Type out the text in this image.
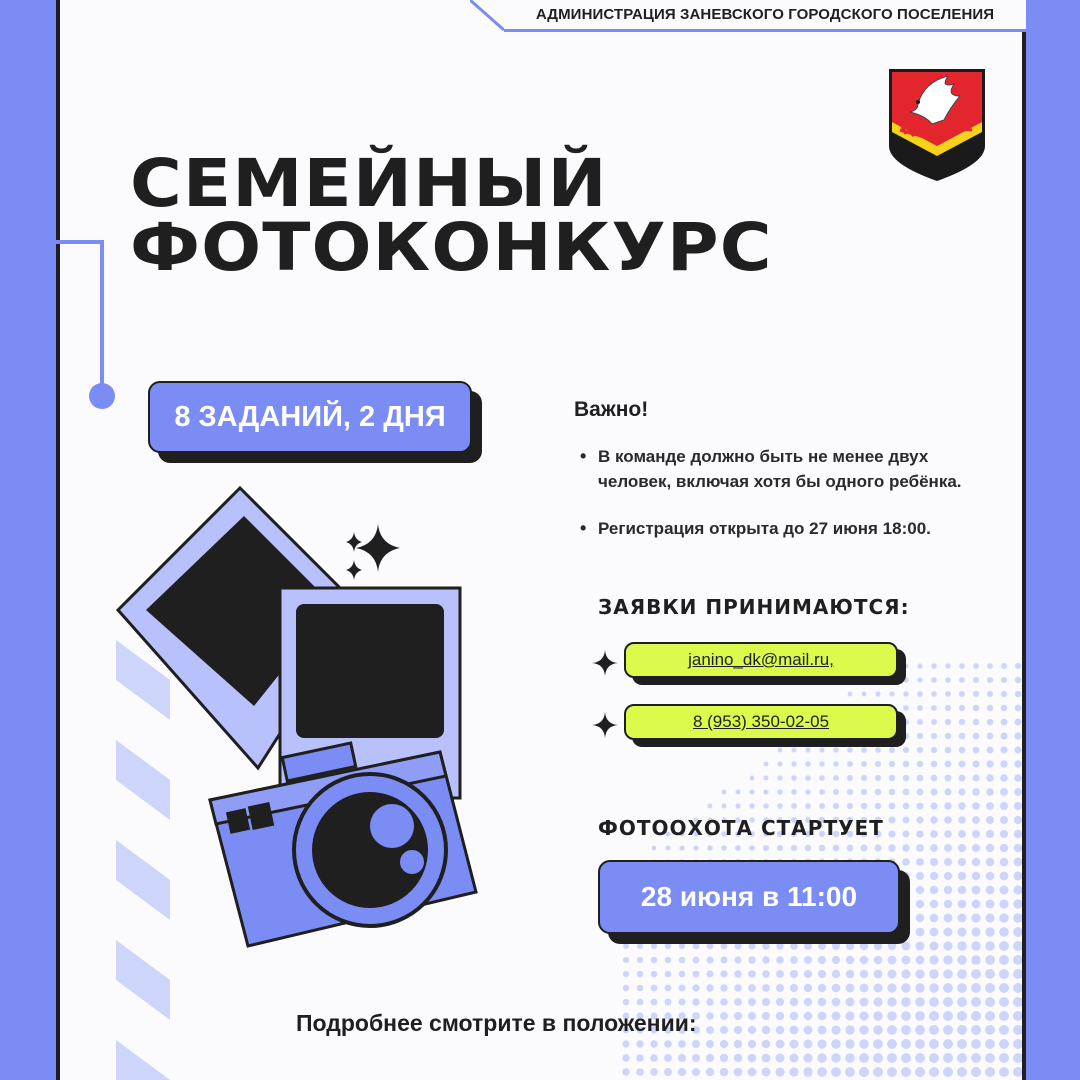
АДМИНИСТРАЦИЯ ЗАНЕВСКОГО ГОРОДСКОГО ПОСЕЛЕНИЯ
СЕМЕЙНЫЙ
ФОТОКОНКУРС
8 ЗАДАНИЙ, 2 ДНЯ	Важно!
• В команде должно быть не менее двух человек, включая хотя бы одного ребёнка.
• Регистрация открыта до 27 июня 18:00.
ЗАЯВКИ ПРИНИМАЮТСЯ:
janino_dk@mail.ru,
8 (953) 350-02-05
ФОТООХОТА СТАРТУЕТ
28 июня в 11:00
Подробнее смотрите в положении:
